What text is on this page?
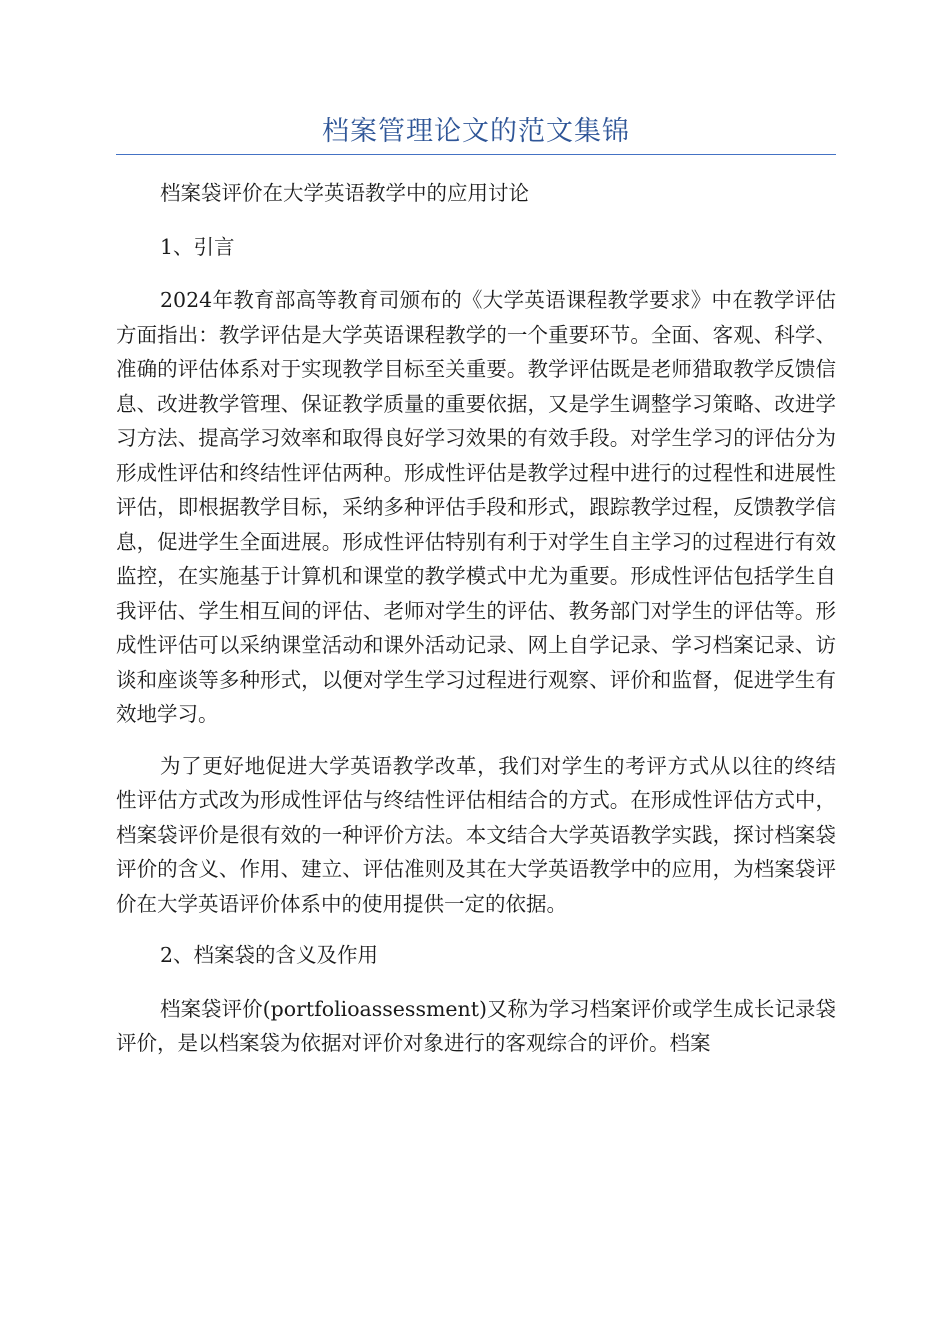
档案管理论文的范文集锦

档案袋评价在大学英语教学中的应用讨论

1、引言

2024年教育部高等教育司颁布的《大学英语课程教学要求》中在教学评估方面指出：教学评估是大学英语课程教学的一个重要环节。全面、客观、科学、准确的评估体系对于实现教学目标至关重要。教学评估既是老师猎取教学反馈信息、改进教学管理、保证教学质量的重要依据，又是学生调整学习策略、改进学习方法、提高学习效率和取得良好学习效果的有效手段。对学生学习的评估分为形成性评估和终结性评估两种。形成性评估是教学过程中进行的过程性和进展性评估，即根据教学目标，采纳多种评估手段和形式，跟踪教学过程，反馈教学信息，促进学生全面进展。形成性评估特别有利于对学生自主学习的过程进行有效监控，在实施基于计算机和课堂的教学模式中尤为重要。形成性评估包括学生自我评估、学生相互间的评估、老师对学生的评估、教务部门对学生的评估等。形成性评估可以采纳课堂活动和课外活动记录、网上自学记录、学习档案记录、访谈和座谈等多种形式，以便对学生学习过程进行观察、评价和监督，促进学生有效地学习。

为了更好地促进大学英语教学改革，我们对学生的考评方式从以往的终结性评估方式改为形成性评估与终结性评估相结合的方式。在形成性评估方式中，档案袋评价是很有效的一种评价方法。本文结合大学英语教学实践，探讨档案袋评价的含义、作用、建立、评估准则及其在大学英语教学中的应用，为档案袋评价在大学英语评价体系中的使用提供一定的依据。

2、档案袋的含义及作用

档案袋评价(portfolioassessment)又称为学习档案评价或学生成长记录袋评价，是以档案袋为依据对评价对象进行的客观综合的评价。档案
